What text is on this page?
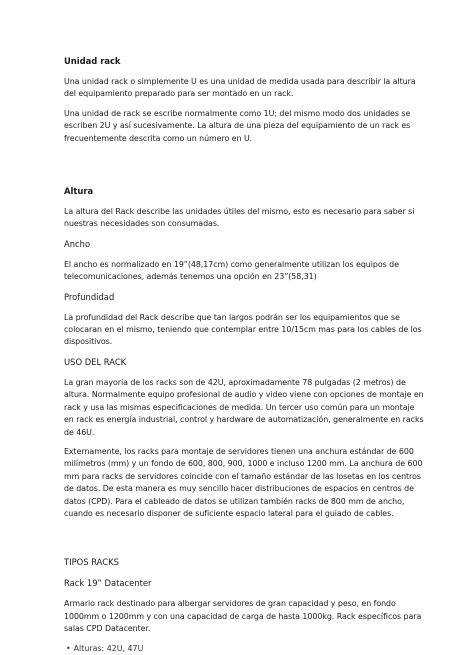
Unidad rack
Una unidad rack o simplemente U es una unidad de medida usada para describir la altura del equipamiento preparado para ser montado en un rack.
Una unidad de rack se escribe normalmente como 1U; del mismo modo dos unidades se escriben 2U y así sucesivamente. La altura de una pieza del equipamiento de un rack es frecuentemente descrita como un número en U.
Altura
La altura del Rack describe las unidades útiles del mismo, esto es necesario para saber si nuestras necesidades son consumadas.
Ancho
El ancho es normalizado en 19”(48,17cm) como generalmente utilizan los equipos de telecomunicaciones, además tenemos una opción en 23”(58,31)
Profundidad
La profundidad del Rack describe que tan largos podrán ser los equipamientos que se colocaran en el mismo, teniendo que contemplar entre 10/15cm mas para los cables de los dispositivos.
USO DEL RACK
La gran mayoría de los racks son de 42U, aproximadamente 78 pulgadas (2 metros) de altura. Normalmente equipo profesional de audio y video viene con opciones de montaje en rack y usa las mismas especificaciones de medida. Un tercer uso común para un montaje en rack es energía industrial, control y hardware de automatización, generalmente en racks de 46U.
Externamente, los racks para montaje de servidores tienen una anchura estándar de 600 milímetros (mm) y un fondo de 600, 800, 900, 1000 e incluso 1200 mm. La anchura de 600 mm para racks de servidores coincide con el tamaño estándar de las losetas en los centros de datos. De esta manera es muy sencillo hacer distribuciones de espacios en centros de datos (CPD). Para el cableado de datos se utilizan también racks de 800 mm de ancho, cuando es necesario disponer de suficiente espacio lateral para el guiado de cables.
TIPOS RACKS
Rack 19” Datacenter
Armario rack destinado para albergar servidores de gran capacidad y peso, en fondo 1000mm o 1200mm y con una capacidad de carga de hasta 1000kg. Rack específicos para salas CPD Datacenter.
• Alturas: 42U, 47U
